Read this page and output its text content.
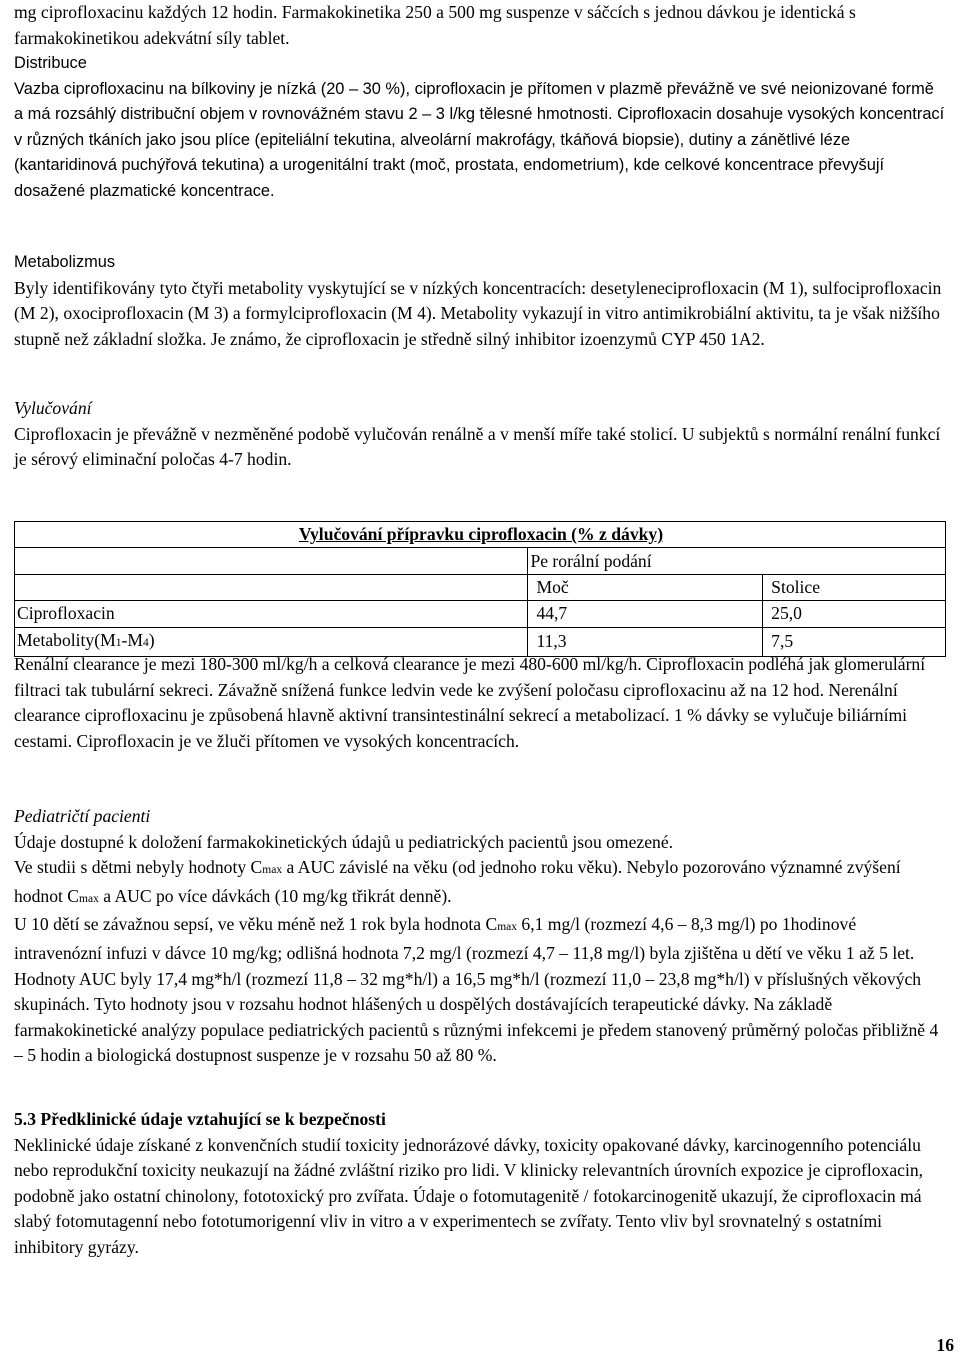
mg ciprofloxacinu každých 12 hodin. Farmakokinetika 250 a 500 mg suspenze v sáčcích s jednou dávkou je identická s farmakokinetikou adekvátní síly tablet.

Distribuce
Vazba ciprofloxacinu na bílkoviny je nízká (20 – 30 %), ciprofloxacin je přítomen v plazmě převážně ve své neionizované formě a má rozsáhlý distribuční objem v rovnovážném stavu 2 – 3 l/kg tělesné hmotnosti. Ciprofloxacin dosahuje vysokých koncentrací v různých tkáních jako jsou plíce (epiteliální tekutina, alveolární makrofágy, tkáňová biopsie), dutiny a zánětlivé léze (kantaridinová puchýřová tekutina) a urogenitální trakt (moč, prostata, endometrium), kde celkové koncentrace převyšují dosažené plazmatické koncentrace.
Metabolizmus

Byly identifikovány tyto čtyři metabolity vyskytující se v nízkých koncentracích: desetyleneciprofloxacin (M 1), sulfociprofloxacin (M 2), oxociprofloxacin (M 3) a formylciprofloxacin (M 4). Metabolity vykazují in vitro antimikrobiální aktivitu, ta je však nižšího stupně než základní složka. Je známo, že ciprofloxacin je středně silný inhibitor izoenzymů CYP 450 1A2.

Vylučování

Ciprofloxacin je převážně v nezměněné podobě vylučován renálně a v menší míře také stolicí. U subjektů s normální renální funkcí je sérový eliminační poločas 4-7 hodin.

Vylučování přípravku ciprofloxacin (% z dávky)		
	Pe rorální podání	
	Moč	Stolice
Ciprofloxacin	44,7	25,0
Metabolity(M1-M4)	11,3	7,5

Renální clearance je mezi 180-300 ml/kg/h a celková clearance je mezi 480-600 ml/kg/h. Ciprofloxacin podléhá jak glomerulární filtraci tak tubulární sekreci. Závažně snížená funkce ledvin vede ke zvýšení poločasu ciprofloxacinu až na 12 hod. Nerenální clearance ciprofloxacinu je způsobená hlavně aktivní transintestinální sekrecí a metabolizací. 1 % dávky se vylučuje biliárními cestami. Ciprofloxacin je ve žluči přítomen ve vysokých koncentracích.

Pediatričtí pacienti

Údaje dostupné k doložení farmakokinetických údajů u pediatrických pacientů jsou omezené.

Ve studii s dětmi nebyly hodnoty Cmax a AUC závislé na věku (od jednoho roku věku). Nebylo pozorováno významné zvýšení hodnot Cmax a AUC po více dávkách (10 mg/kg třikrát denně).

U 10 dětí se závažnou sepsí, ve věku méně než 1 rok byla hodnota Cmax 6,1 mg/l (rozmezí 4,6 – 8,3 mg/l) po 1hodinové intravenózní infuzi v dávce 10 mg/kg; odlišná hodnota 7,2 mg/l (rozmezí 4,7 – 11,8 mg/l) byla zjištěna u dětí ve věku 1 až 5 let. Hodnoty AUC byly 17,4 mg*h/l (rozmezí 11,8 – 32 mg*h/l) a 16,5 mg*h/l (rozmezí 11,0 – 23,8 mg*h/l) v příslušných věkových skupinách. Tyto hodnoty jsou v rozsahu hodnot hlášených u dospělých dostávajících terapeutické dávky. Na základě farmakokinetické analýzy populace pediatrických pacientů s různými infekcemi je předem stanovený průměrný poločas přibližně 4 – 5 hodin a biologická dostupnost suspenze je v rozsahu 50 až 80 %.

5.3 Předklinické údaje vztahující se k bezpečnosti

Neklinické údaje získané z konvenčních studií toxicity jednorázové dávky, toxicity opakované dávky, karcinogenního potenciálu nebo reprodukční toxicity neukazují na žádné zvláštní riziko pro lidi. V klinicky relevantních úrovních expozice je ciprofloxacin, podobně jako ostatní chinolony, fototoxický pro zvířata. Údaje o fotomutagenitě / fotokarcinogenitě ukazují, že ciprofloxacin má slabý fotomutagenní nebo fototumorigenní vliv in vitro a v experimentech se zvířaty. Tento vliv byl srovnatelný s ostatními inhibitory gyrázy.

16
